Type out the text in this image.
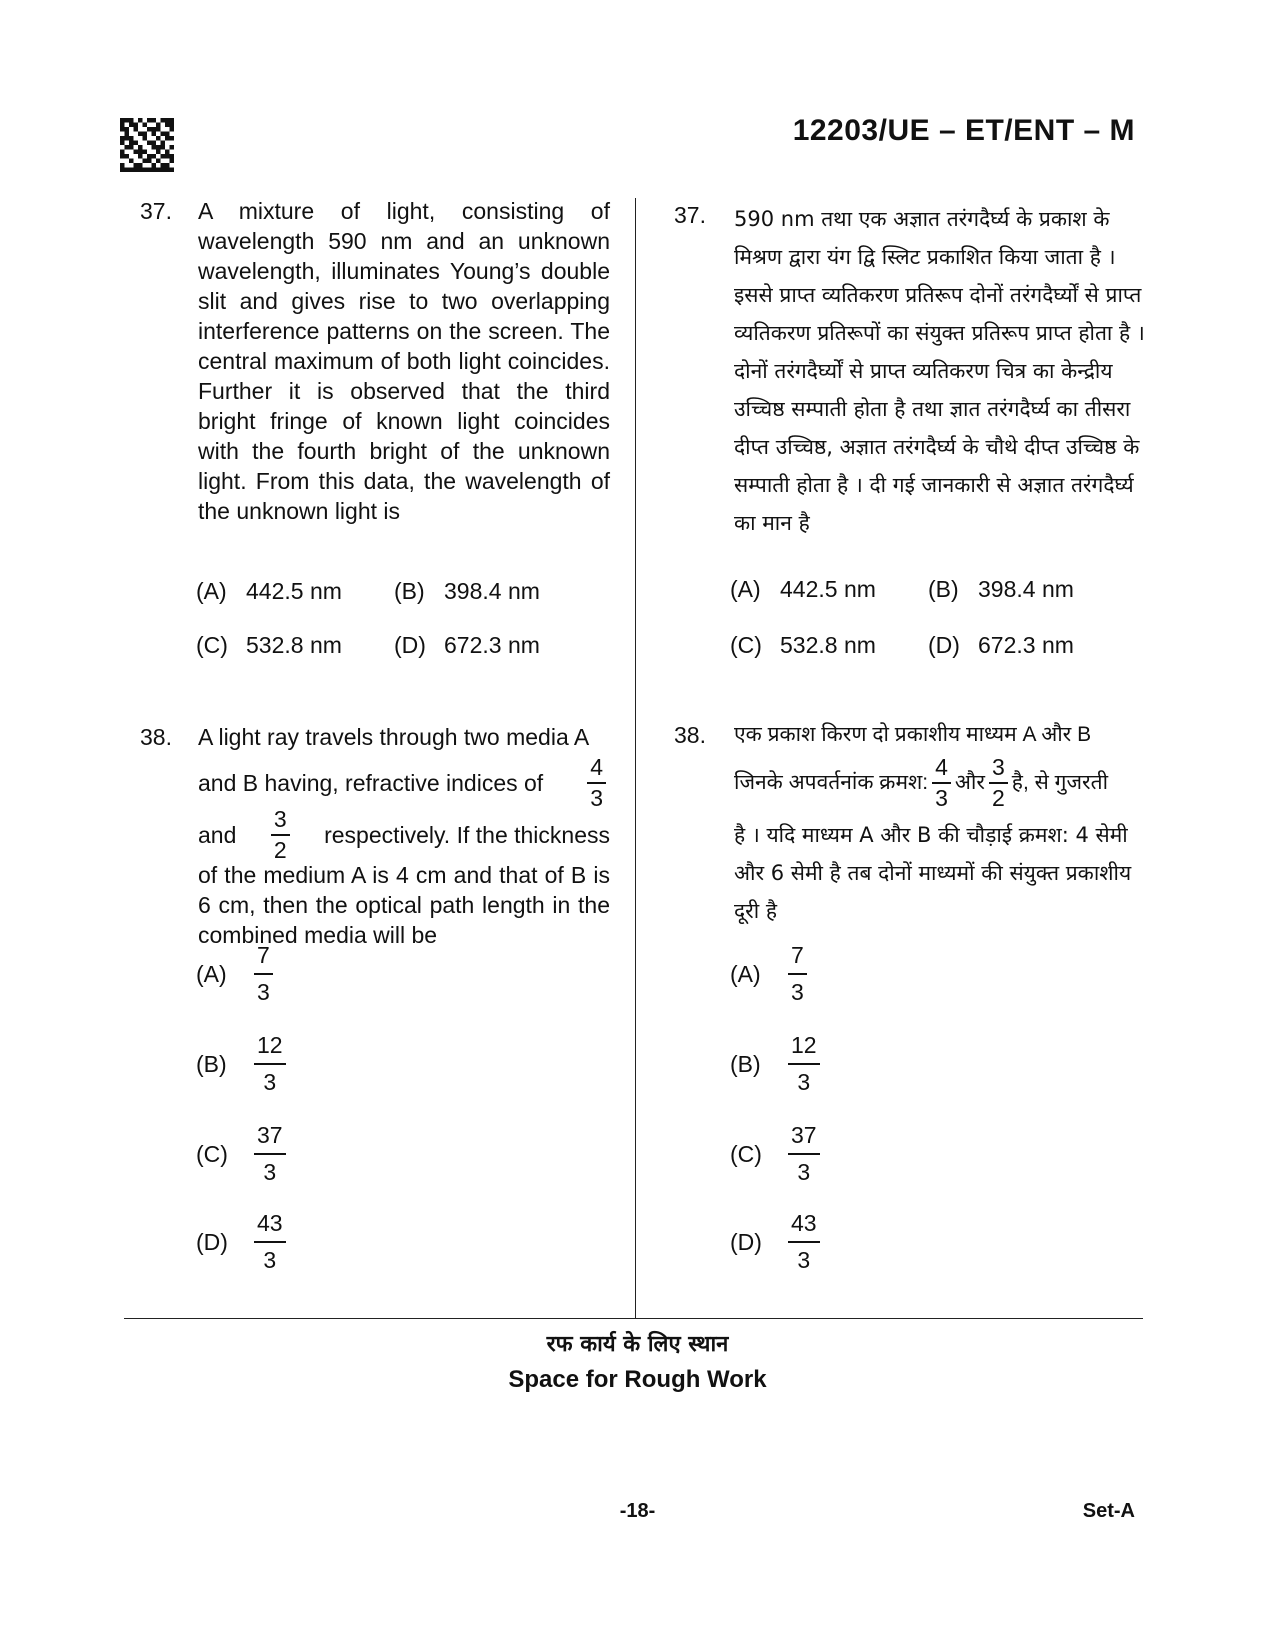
12203/UE – ET/ENT – M
37. A mixture of light, consisting of wavelength 590 nm and an unknown wavelength, illuminates Young’s double slit and gives rise to two overlapping interference patterns on the screen. The central maximum of both light coincides. Further it is observed that the third bright fringe of known light coincides with the fourth bright of the unknown light. From this data, the wavelength of the unknown light is
(A) 442.5 nm (B) 398.4 nm
(C) 532.8 nm (D) 672.3 nm
37. 590 nm तथा एक अज्ञात तरंगदैर्घ्य के प्रकाश के मिश्रण द्वारा यंग द्वि स्लिट प्रकाशित किया जाता है । इससे प्राप्त व्यतिकरण प्रतिरूप दोनों तरंगदैर्घ्यों से प्राप्त व्यतिकरण प्रतिरूपों का संयुक्त प्रतिरूप प्राप्त होता है । दोनों तरंगदैर्घ्यों से प्राप्त व्यतिकरण चित्र का केन्द्रीय उच्चिष्ठ सम्पाती होता है तथा ज्ञात तरंगदैर्घ्य का तीसरा दीप्त उच्चिष्ठ, अज्ञात तरंगदैर्घ्य के चौथे दीप्त उच्चिष्ठ के सम्पाती होता है । दी गई जानकारी से अज्ञात तरंगदैर्घ्य का मान है
(A) 442.5 nm (B) 398.4 nm
(C) 532.8 nm (D) 672.3 nm
38. A light ray travels through two media A
and B having, refractive indices of $\frac{4}{3}$
and $\frac{3}{2}$ respectively. If the thickness
of the medium A is 4 cm and that of B is 6 cm, then the optical path length in the combined media will be
38. एक प्रकाश किरण दो प्रकाशीय माध्यम A और B
जिनके अपवर्तनांक क्रमश: $\frac{4}{3}$ और $\frac{3}{2}$ है, से गुजरती
है । यदि माध्यम A और B की चौड़ाई क्रमश: 4 सेमी और 6 सेमी है तब दोनों माध्यमों की संयुक्त प्रकाशीय दूरी है
(A)	$\frac{7}{3}$
(B)	$\frac{12}{3}$
(C)	$\frac{37}{3}$
(D)	$\frac{43}{3}$
(A)	$\frac{7}{3}$
(B)	$\frac{12}{3}$
(C)	$\frac{37}{3}$
(D)	$\frac{43}{3}$
रफ कार्य के लिए स्थान
Space for Rough Work
-18-	Set-A
